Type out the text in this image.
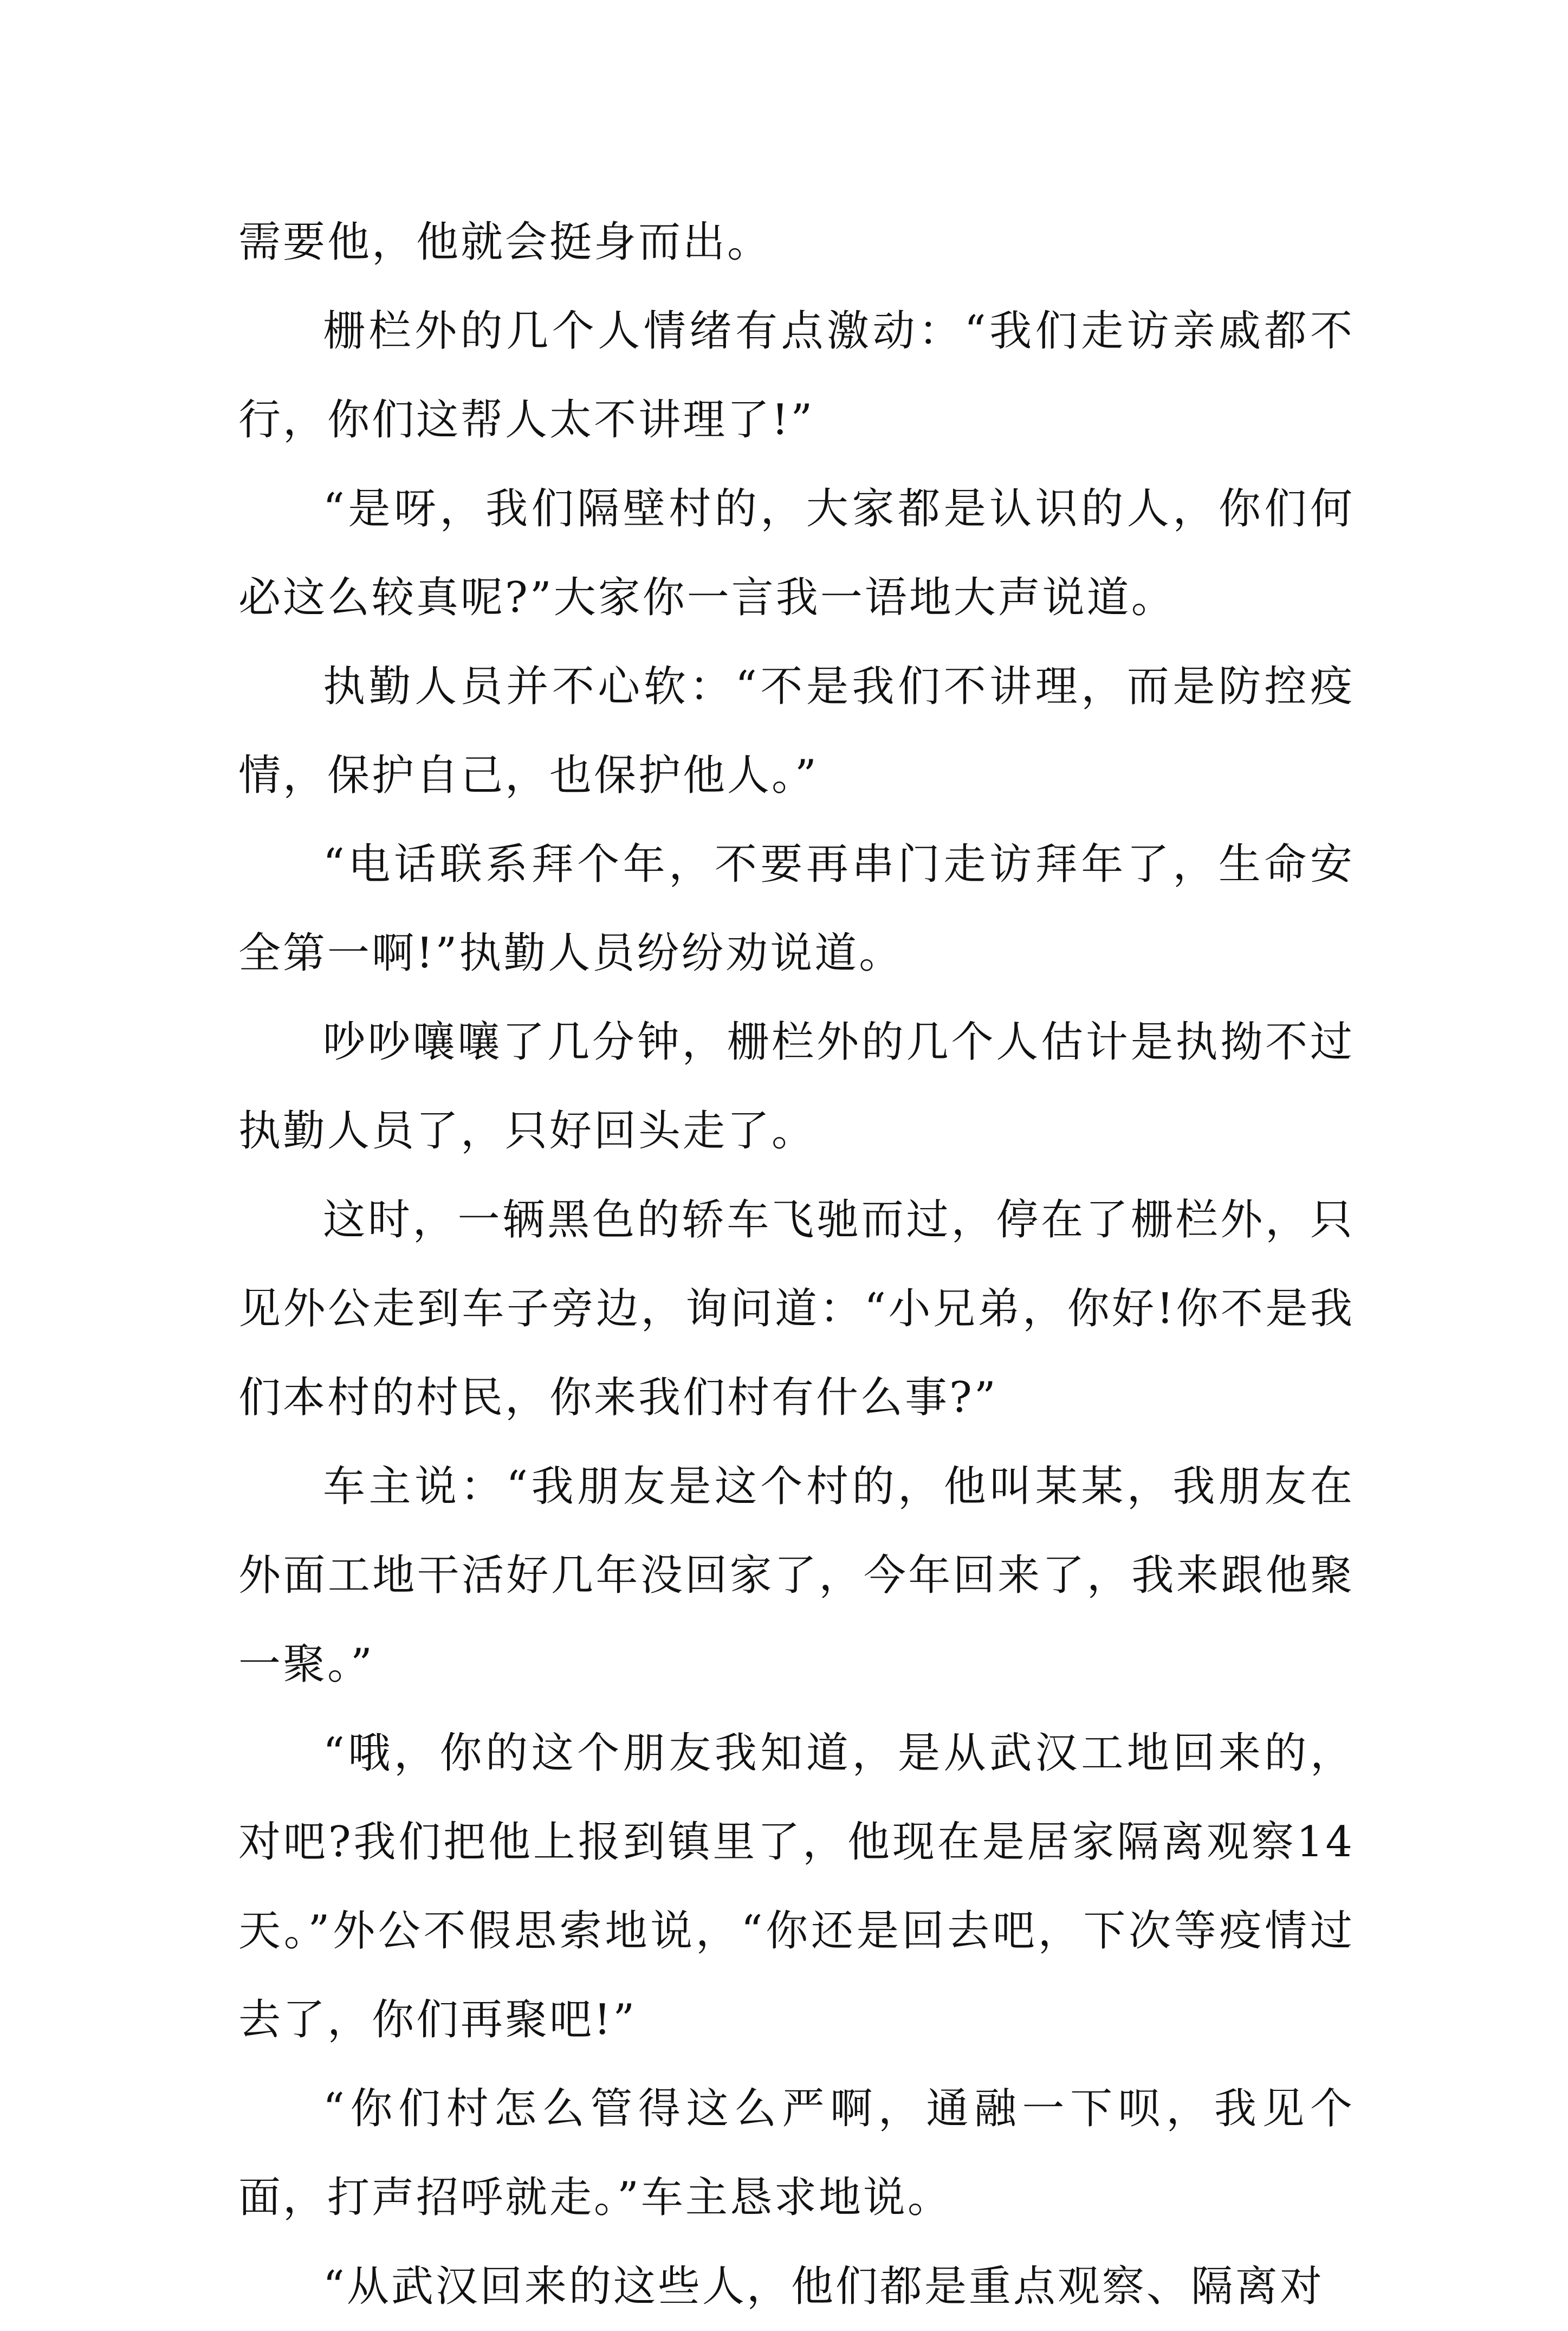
需要他，他就会挺身而出。

栅栏外的几个人情绪有点激动：“我们走访亲戚都不行，你们这帮人太不讲理了!”

“是呀，我们隔壁村的，大家都是认识的人，你们何必这么较真呢?”大家你一言我一语地大声说道。

执勤人员并不心软：“不是我们不讲理，而是防控疫情，保护自己，也保护他人。”

“电话联系拜个年，不要再串门走访拜年了，生命安全第一啊!”执勤人员纷纷劝说道。

吵吵嚷嚷了几分钟，栅栏外的几个人估计是执拗不过执勤人员了，只好回头走了。

这时，一辆黑色的轿车飞驰而过，停在了栅栏外，只见外公走到车子旁边，询问道：“小兄弟，你好!你不是我们本村的村民，你来我们村有什么事?”

车主说：“我朋友是这个村的，他叫某某，我朋友在外面工地干活好几年没回家了，今年回来了，我来跟他聚一聚。”

“哦，你的这个朋友我知道，是从武汉工地回来的，对吧?我们把他上报到镇里了，他现在是居家隔离观察14天。”外公不假思索地说，“你还是回去吧，下次等疫情过去了，你们再聚吧!”

“你们村怎么管得这么严啊，通融一下呗，我见个面，打声招呼就走。”车主恳求地说。

“从武汉回来的这些人，他们都是重点观察、隔离对
